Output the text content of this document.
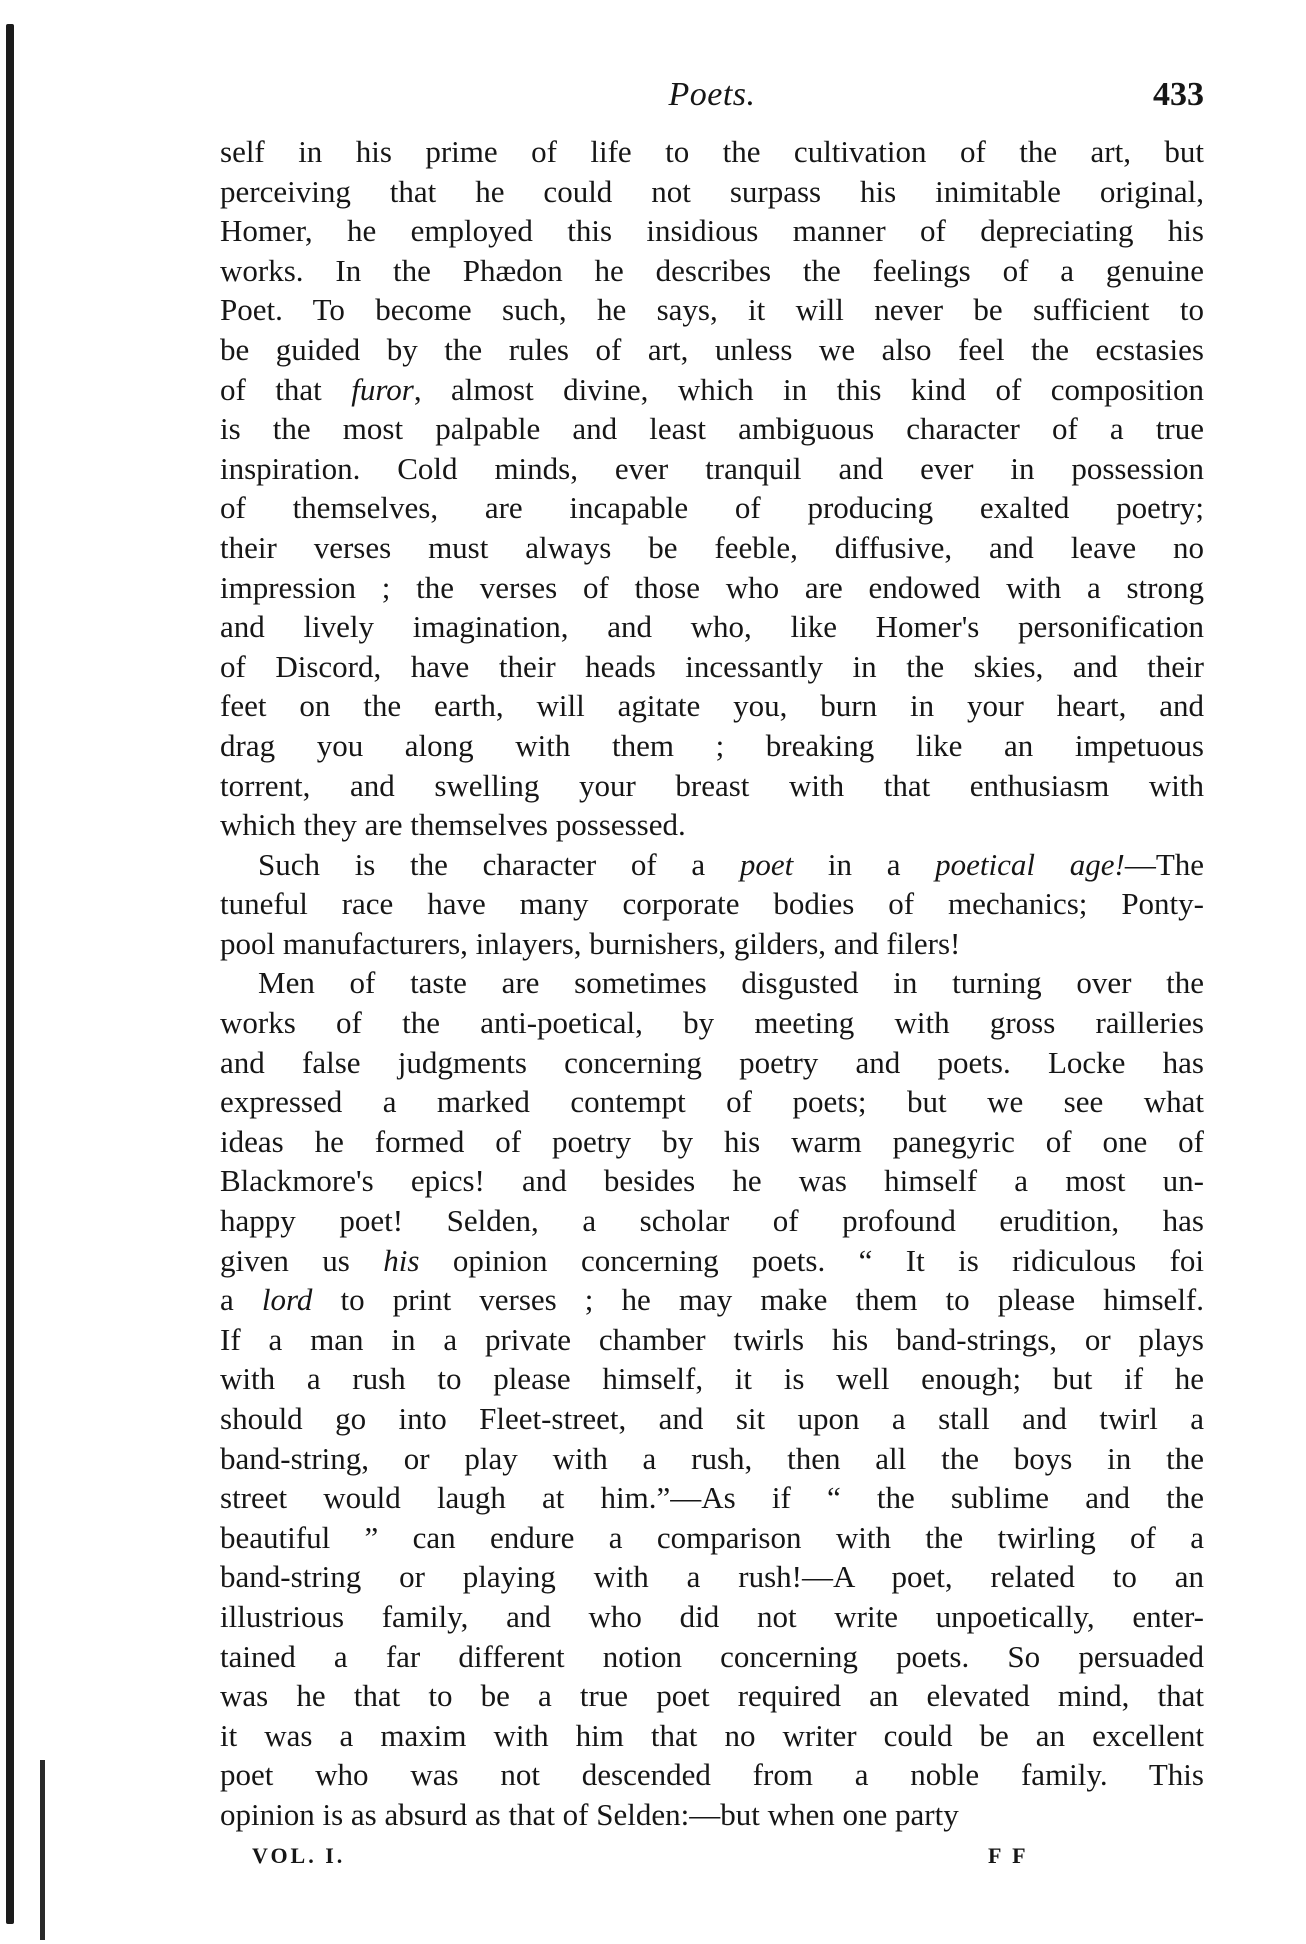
Poets.	433
self in his prime of life to the cultivation of the art, but
perceiving that he could not surpass his inimitable original,
Homer, he employed this insidious manner of depreciating his
works. In the Phædon he describes the feelings of a genuine
Poet. To become such, he says, it will never be sufficient to
be guided by the rules of art, unless we also feel the ecstasies
of that furor, almost divine, which in this kind of composition
is the most palpable and least ambiguous character of a true
inspiration. Cold minds, ever tranquil and ever in possession
of themselves, are incapable of producing exalted poetry;
their verses must always be feeble, diffusive, and leave no
impression ; the verses of those who are endowed with a strong
and lively imagination, and who, like Homer's personification
of Discord, have their heads incessantly in the skies, and their
feet on the earth, will agitate you, burn in your heart, and
drag you along with them ; breaking like an impetuous
torrent, and swelling your breast with that enthusiasm with
which they are themselves possessed.
Such is the character of a poet in a poetical age!—The
tuneful race have many corporate bodies of mechanics; Ponty-
pool manufacturers, inlayers, burnishers, gilders, and filers!
Men of taste are sometimes disgusted in turning over the
works of the anti-poetical, by meeting with gross railleries
and false judgments concerning poetry and poets. Locke has
expressed a marked contempt of poets; but we see what
ideas he formed of poetry by his warm panegyric of one of
Blackmore's epics! and besides he was himself a most un-
happy poet! Selden, a scholar of profound erudition, has
given us his opinion concerning poets. “ It is ridiculous foi
a lord to print verses ; he may make them to please himself.
If a man in a private chamber twirls his band-strings, or plays
with a rush to please himself, it is well enough; but if he
should go into Fleet-street, and sit upon a stall and twirl a
band-string, or play with a rush, then all the boys in the
street would laugh at him.”—As if “ the sublime and the
beautiful ” can endure a comparison with the twirling of a
band-string or playing with a rush!—A poet, related to an
illustrious family, and who did not write unpoetically, enter-
tained a far different notion concerning poets. So persuaded
was he that to be a true poet required an elevated mind, that
it was a maxim with him that no writer could be an excellent
poet who was not descended from a noble family. This
opinion is as absurd as that of Selden:—but when one party
VOL. I.	F F
